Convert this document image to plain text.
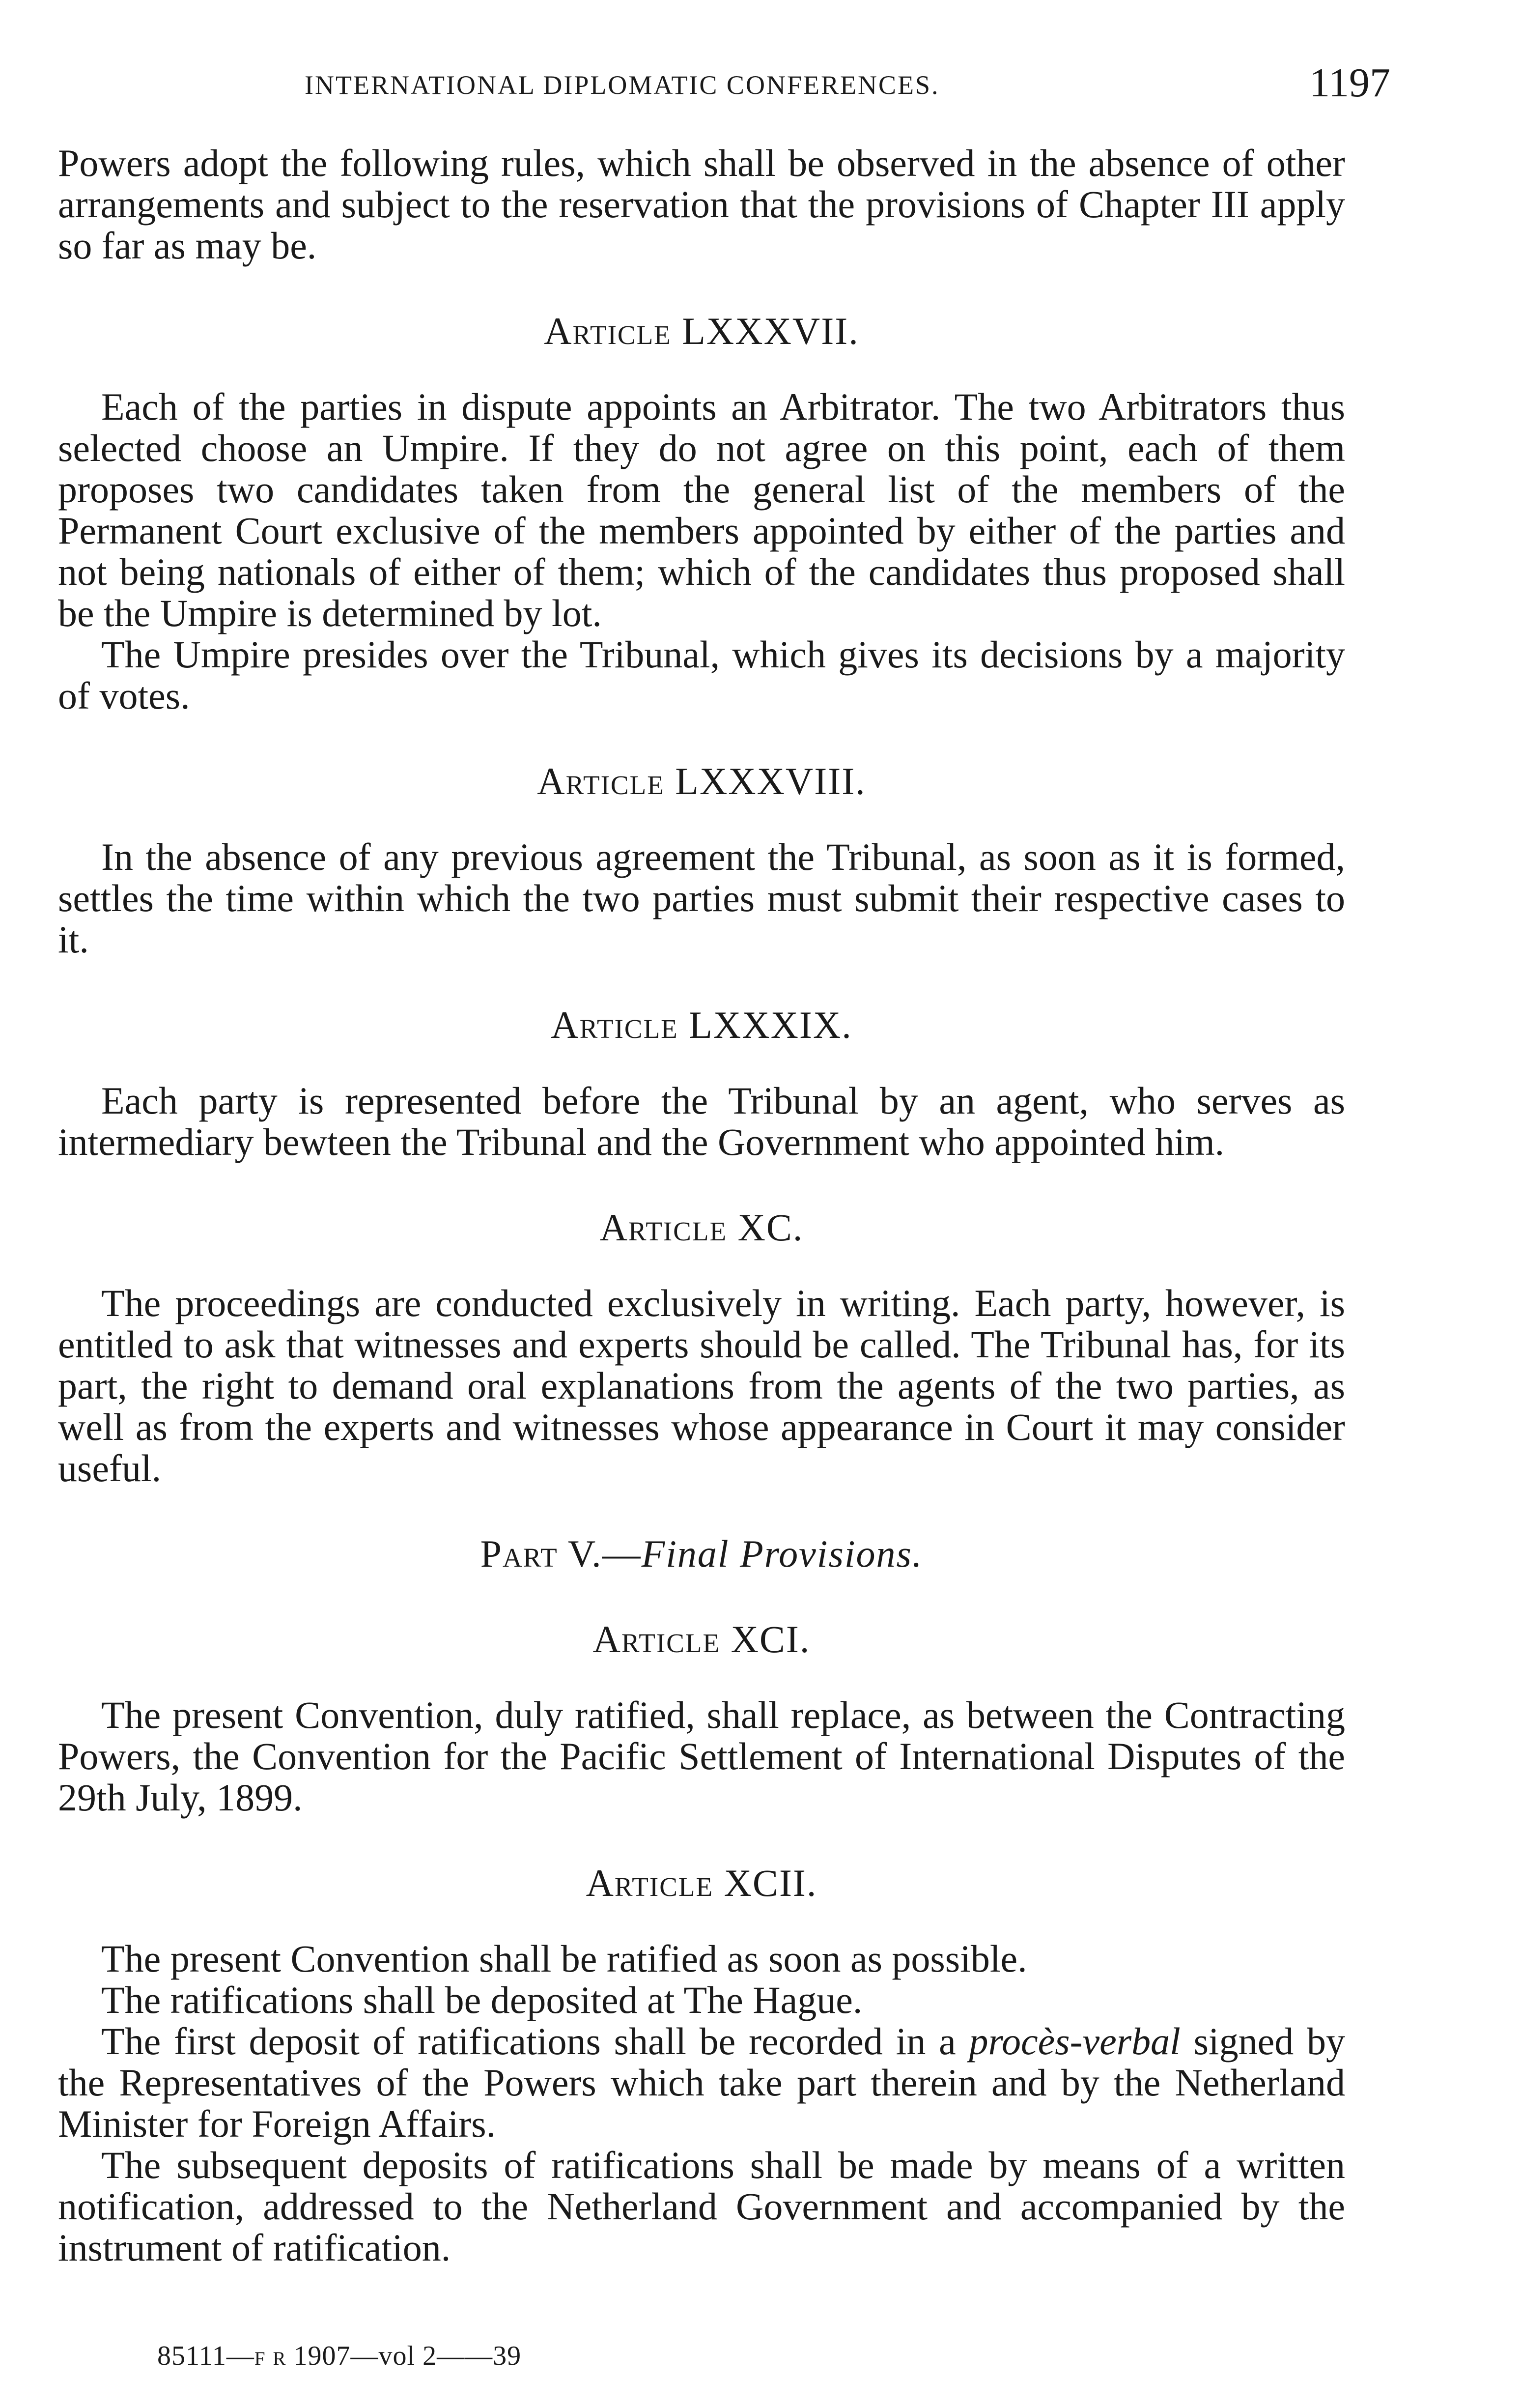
INTERNATIONAL DIPLOMATIC CONFERENCES.	1197

Powers adopt the following rules, which shall be observed in the absence of other arrangements and subject to the reservation that the provisions of Chapter III apply so far as may be.

Article LXXXVII.

Each of the parties in dispute appoints an Arbitrator. The two Arbitrators thus selected choose an Umpire. If they do not agree on this point, each of them proposes two candidates taken from the general list of the members of the Permanent Court exclusive of the members appointed by either of the parties and not being nationals of either of them; which of the candidates thus proposed shall be the Umpire is determined by lot.

The Umpire presides over the Tribunal, which gives its decisions by a majority of votes.

Article LXXXVIII.

In the absence of any previous agreement the Tribunal, as soon as it is formed, settles the time within which the two parties must submit their respective cases to it.

Article LXXXIX.

Each party is represented before the Tribunal by an agent, who serves as intermediary bewteen the Tribunal and the Government who appointed him.

Article XC.

The proceedings are conducted exclusively in writing. Each party, however, is entitled to ask that witnesses and experts should be called. The Tribunal has, for its part, the right to demand oral explanations from the agents of the two parties, as well as from the experts and witnesses whose appearance in Court it may consider useful.

Part V.—Final Provisions.
Article XCI.

The present Convention, duly ratified, shall replace, as between the Contracting Powers, the Convention for the Pacific Settlement of International Disputes of the 29th July, 1899.

Article XCII.

The present Convention shall be ratified as soon as possible.

The ratifications shall be deposited at The Hague.

The first deposit of ratifications shall be recorded in a procès-verbal signed by the Representatives of the Powers which take part therein and by the Netherland Minister for Foreign Affairs.

The subsequent deposits of ratifications shall be made by means of a written notification, addressed to the Netherland Government and accompanied by the instrument of ratification.

85111—f r 1907—vol 2——39
